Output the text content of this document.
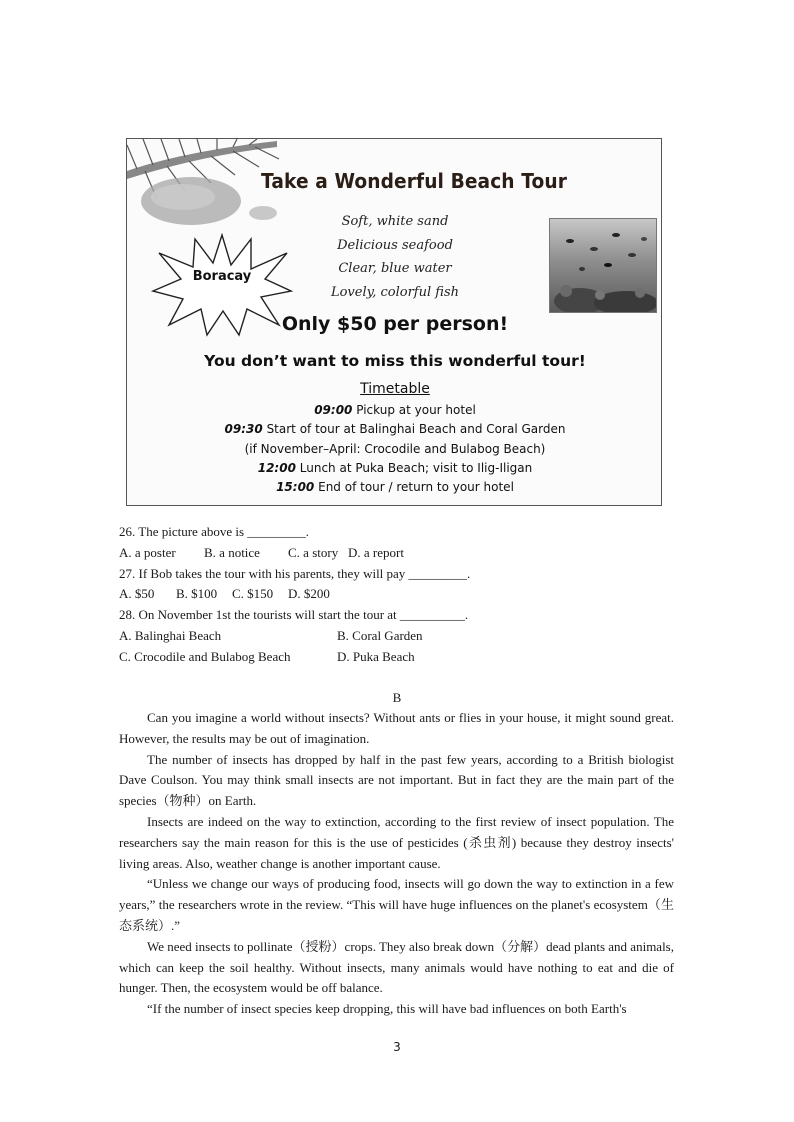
Take a Wonderful Beach Tour
Soft, white sand
Delicious seafood
Clear, blue water
Lovely, colorful fish
Boracay
Only $50 per person!
You don’t want to miss this wonderful tour!
Timetable
09:00 Pickup at your hotel
09:30 Start of tour at Balinghai Beach and Coral Garden
(if November–April: Crocodile and Bulabog Beach)
12:00 Lunch at Puka Beach; visit to Ilig-Iligan
15:00 End of tour / return to your hotel
26. The picture above is _________.
A. a poster B. a notice C. a story D. a report
27. If Bob takes the tour with his parents, they will pay _________.
A. $50 B. $100 C. $150 D. $200
28. On November 1st the tourists will start the tour at __________.
A. Balinghai Beach	B. Coral Garden
C. Crocodile and Bulabog Beach	D. Puka Beach
B

Can you imagine a world without insects? Without ants or flies in your house, it might sound great. However, the results may be out of imagination.

The number of insects has dropped by half in the past few years, according to a British biologist Dave Coulson. You may think small insects are not important. But in fact they are the main part of the species（物种）on Earth.

Insects are indeed on the way to extinction, according to the first review of insect population. The researchers say the main reason for this is the use of pesticides (杀虫剂) because they destroy insects' living areas. Also, weather change is another important cause.

“Unless we change our ways of producing food, insects will go down the way to extinction in a few years,” the researchers wrote in the review. “This will have huge influences on the planet's ecosystem（生态系统）.”

We need insects to pollinate（授粉）crops. They also break down（分解）dead plants and animals, which can keep the soil healthy. Without insects, many animals would have nothing to eat and die of hunger. Then, the ecosystem would be off balance.

“If the number of insect species keep dropping, this will have bad influences on both Earth's

3
